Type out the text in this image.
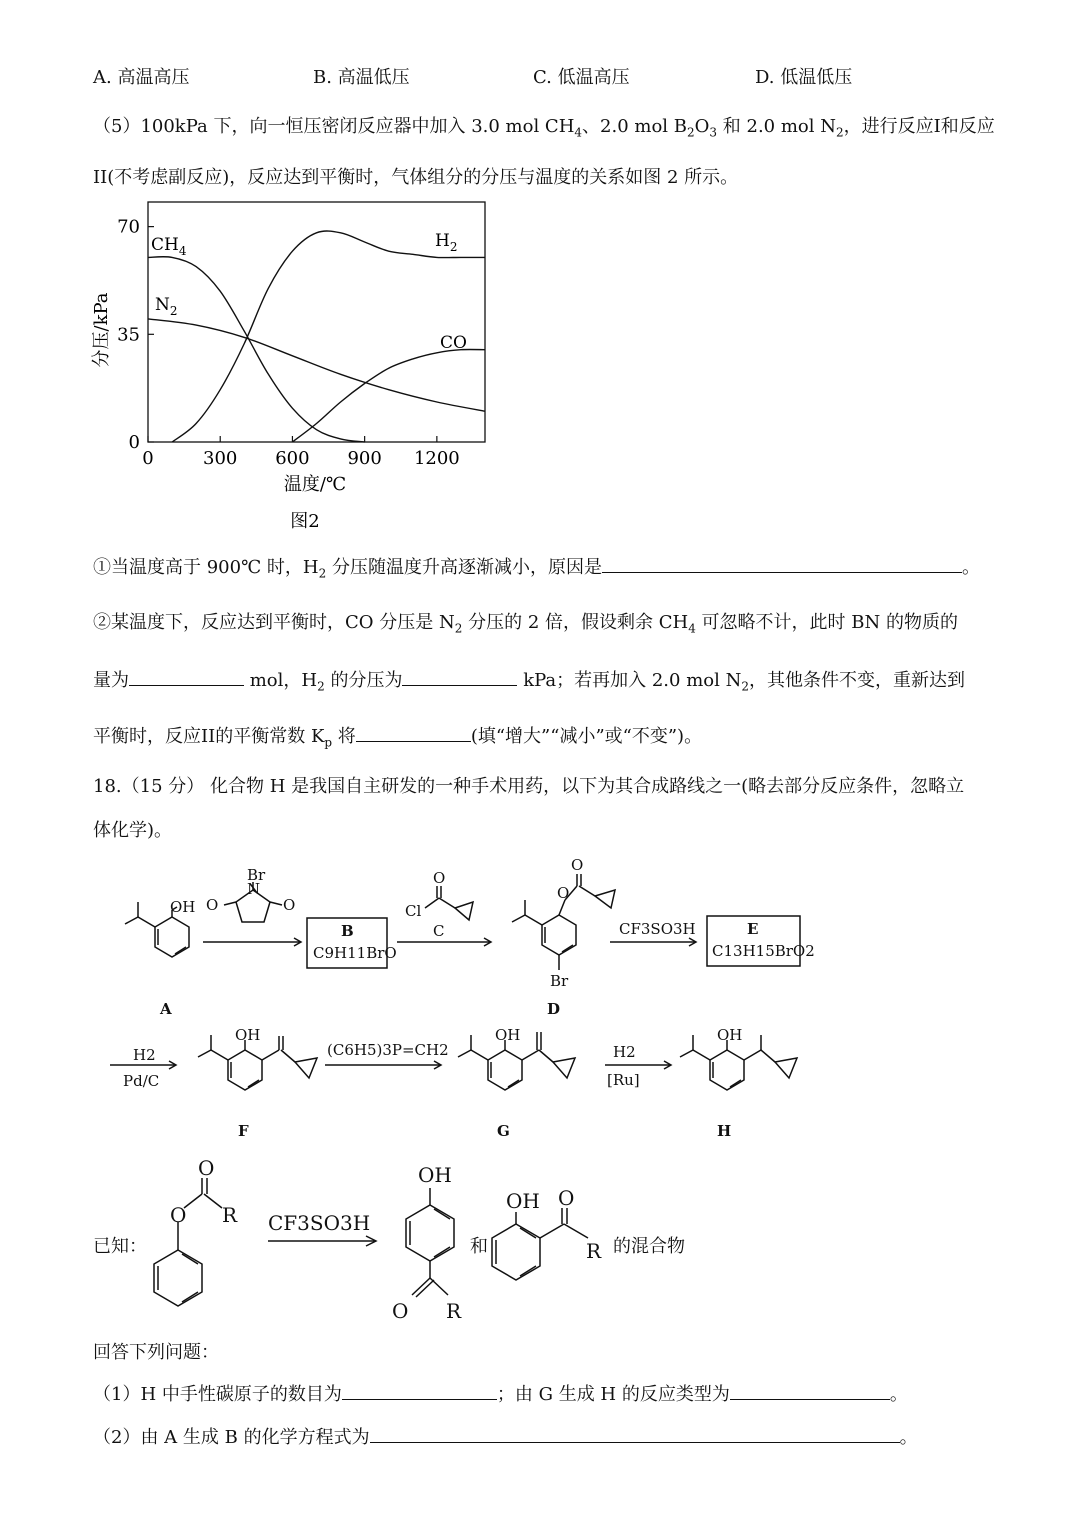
A. 高温高压	B. 高温低压	C. 低温高压	D. 低温低压
（5）100kPa 下，向一恒压密闭反应器中加入 3.0 mol $CH_4$、2.0 mol $B_2O_3$ 和 2.0 mol $N_2$，进行反应I和反应
II(不考虑副反应)，反应达到平衡时，气体组分的分压与温度的关系如图 2 所示。
0
35
70
0	300 600 900 1200
分压/kPa
温度/℃
图2
$CH_4$
$N_2$
$H_2$
CO
①当温度高于 900℃ 时，$H_2$ 分压随温度升高逐渐减小，原因是	。
②某温度下，反应达到平衡时，CO 分压是 $N_2$ 分压的 2 倍，假设剩余 $CH_4$ 可忽略不计，此时 BN 的物质的
量为	mol，$H_2$ 的分压为	kPa；若再加入 2.0 mol $N_2$，其他条件不变，重新达到
平衡时，反应II的平衡常数 $K_p$ 将	(填“增大”“减小”或“不变”)。
18.（15 分） 化合物 H 是我国自主研发的一种手术用药，以下为其合成路线之一(略去部分反应条件，忽略立
体化学)。
OH
A
Br
N
O	O
B
C9H11BrO
O
Cl
C
O
O
Br
D
CF3SO3H	E
C13H15BrO2
H2
Pd/C
OH
F
(C6H5)3P=CH2
OH
G
H2
[Ru]
OH
H
已知：
O
O R CF3SO3H
OH
O R
OH O
R
和	的混合物
回答下列问题：
（1）H 中手性碳原子的数目为	；由 G 生成 H 的反应类型为	。
（2）由 A 生成 B 的化学方程式为	。
